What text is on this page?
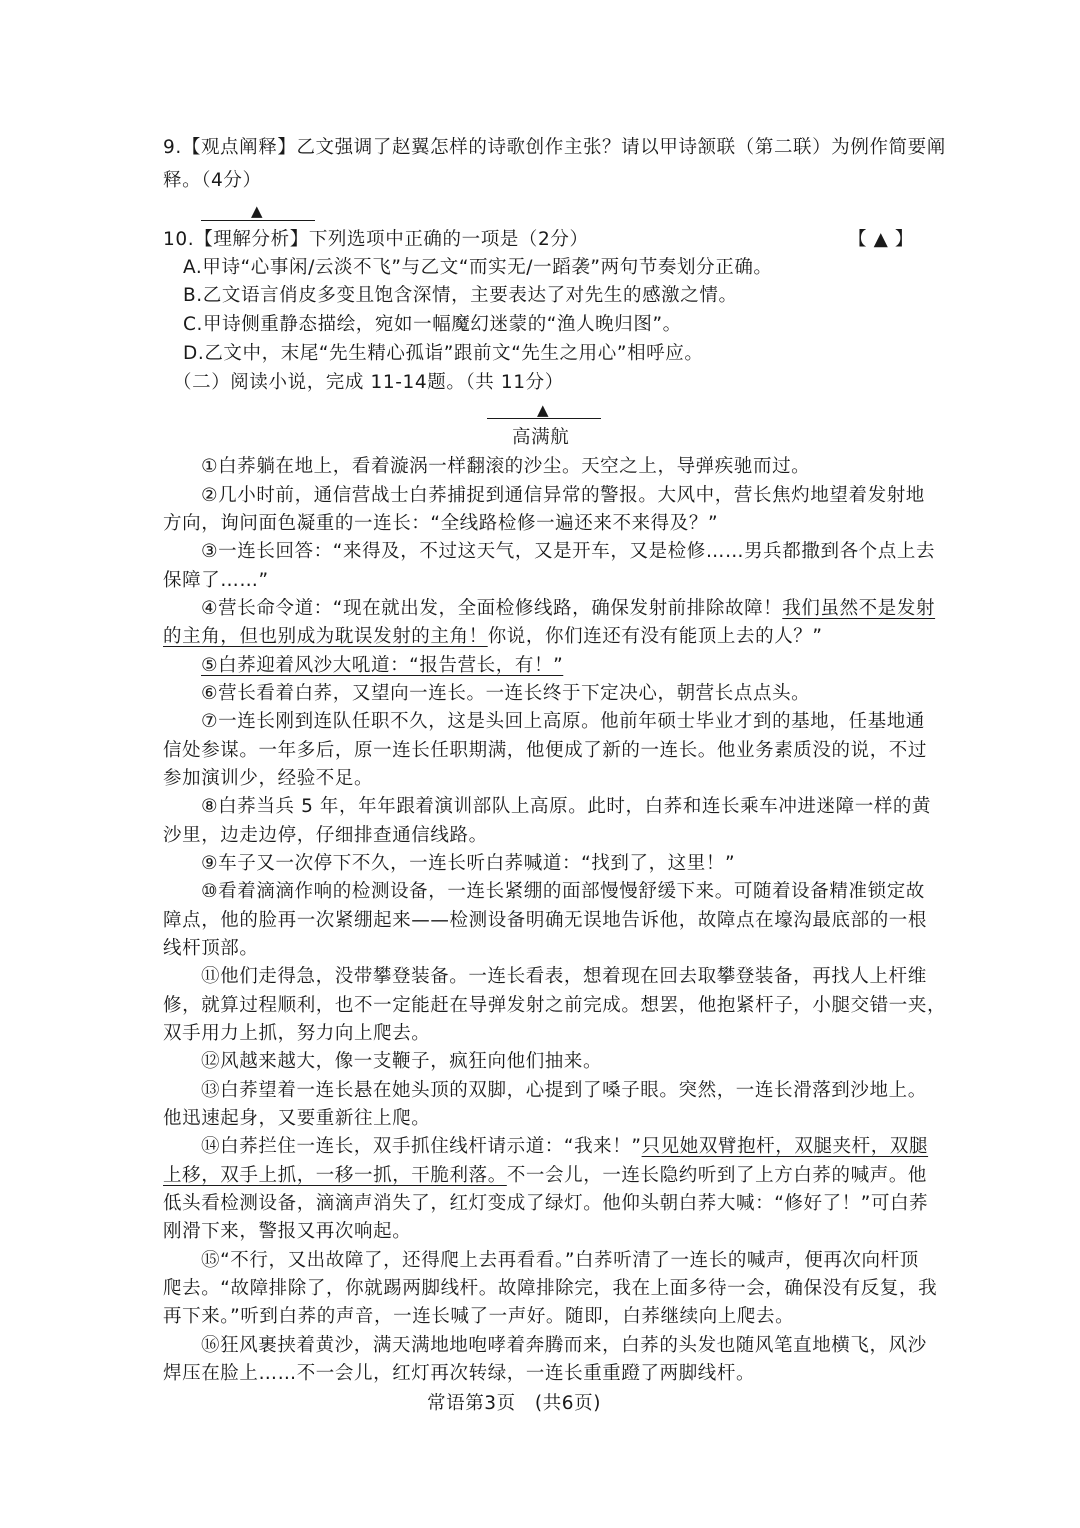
9.【观点阐释】乙文强调了赵翼怎样的诗歌创作主张？请以甲诗颔联（第二联）为例作简要阐
释。（4分）
▲
10.【理解分析】下列选项中正确的一项是（2分）	【 ▲ 】
A.甲诗“心事闲/云淡不飞”与乙文“而实无/一蹈袭”两句节奏划分正确。
B.乙文语言俏皮多变且饱含深情，主要表达了对先生的感激之情。
C.甲诗侧重静态描绘，宛如一幅魔幻迷蒙的“渔人晚归图”。
D.乙文中，末尾“先生精心孤诣”跟前文“先生之用心”相呼应。
（二）阅读小说，完成 11-14题。（共 11分）
▲
高满航
①白荞躺在地上，看着漩涡一样翻滚的沙尘。天空之上，导弹疾驰而过。
②几小时前，通信营战士白荞捕捉到通信异常的警报。大风中，营长焦灼地望着发射地
方向，询问面色凝重的一连长：“全线路检修一遍还来不来得及？”
③一连长回答：“来得及，不过这天气，又是开车，又是检修……男兵都撒到各个点上去
保障了……”
④营长命令道：“现在就出发，全面检修线路，确保发射前排除故障！我们虽然不是发射
的主角，但也别成为耽误发射的主角！你说，你们连还有没有能顶上去的人？”
⑤白荞迎着风沙大吼道：“报告营长，有！”
⑥营长看着白荞，又望向一连长。一连长终于下定决心，朝营长点点头。
⑦一连长刚到连队任职不久，这是头回上高原。他前年硕士毕业才到的基地，任基地通
信处参谋。一年多后，原一连长任职期满，他便成了新的一连长。他业务素质没的说，不过
参加演训少，经验不足。
⑧白荞当兵 5 年，年年跟着演训部队上高原。此时，白荞和连长乘车冲进迷障一样的黄
沙里，边走边停，仔细排查通信线路。
⑨车子又一次停下不久，一连长听白荞喊道：“找到了，这里！”
⑩看着滴滴作响的检测设备，一连长紧绷的面部慢慢舒缓下来。可随着设备精准锁定故
障点，他的脸再一次紧绷起来——检测设备明确无误地告诉他，故障点在壕沟最底部的一根
线杆顶部。
⑪他们走得急，没带攀登装备。一连长看表，想着现在回去取攀登装备，再找人上杆维
修，就算过程顺利，也不一定能赶在导弹发射之前完成。想罢，他抱紧杆子，小腿交错一夹，
双手用力上抓，努力向上爬去。
⑫风越来越大，像一支鞭子，疯狂向他们抽来。
⑬白荞望着一连长悬在她头顶的双脚，心提到了嗓子眼。突然，一连长滑落到沙地上。
他迅速起身，又要重新往上爬。
⑭白荞拦住一连长，双手抓住线杆请示道：“我来！”只见她双臂抱杆，双腿夹杆，双腿
上移，双手上抓，一移一抓，干脆利落。不一会儿，一连长隐约听到了上方白荞的喊声。他
低头看检测设备，滴滴声消失了，红灯变成了绿灯。他仰头朝白荞大喊：“修好了！”可白荞
刚滑下来，警报又再次响起。
⑮“不行，又出故障了，还得爬上去再看看。”白荞听清了一连长的喊声，便再次向杆顶
爬去。“故障排除了，你就踢两脚线杆。故障排除完，我在上面多待一会，确保没有反复，我
再下来。”听到白荞的声音，一连长喊了一声好。随即，白荞继续向上爬去。
⑯狂风裹挟着黄沙，满天满地地咆哮着奔腾而来，白荞的头发也随风笔直地横飞，风沙
焊压在脸上……不一会儿，红灯再次转绿，一连长重重蹬了两脚线杆。
常语第3页　(共6页)
